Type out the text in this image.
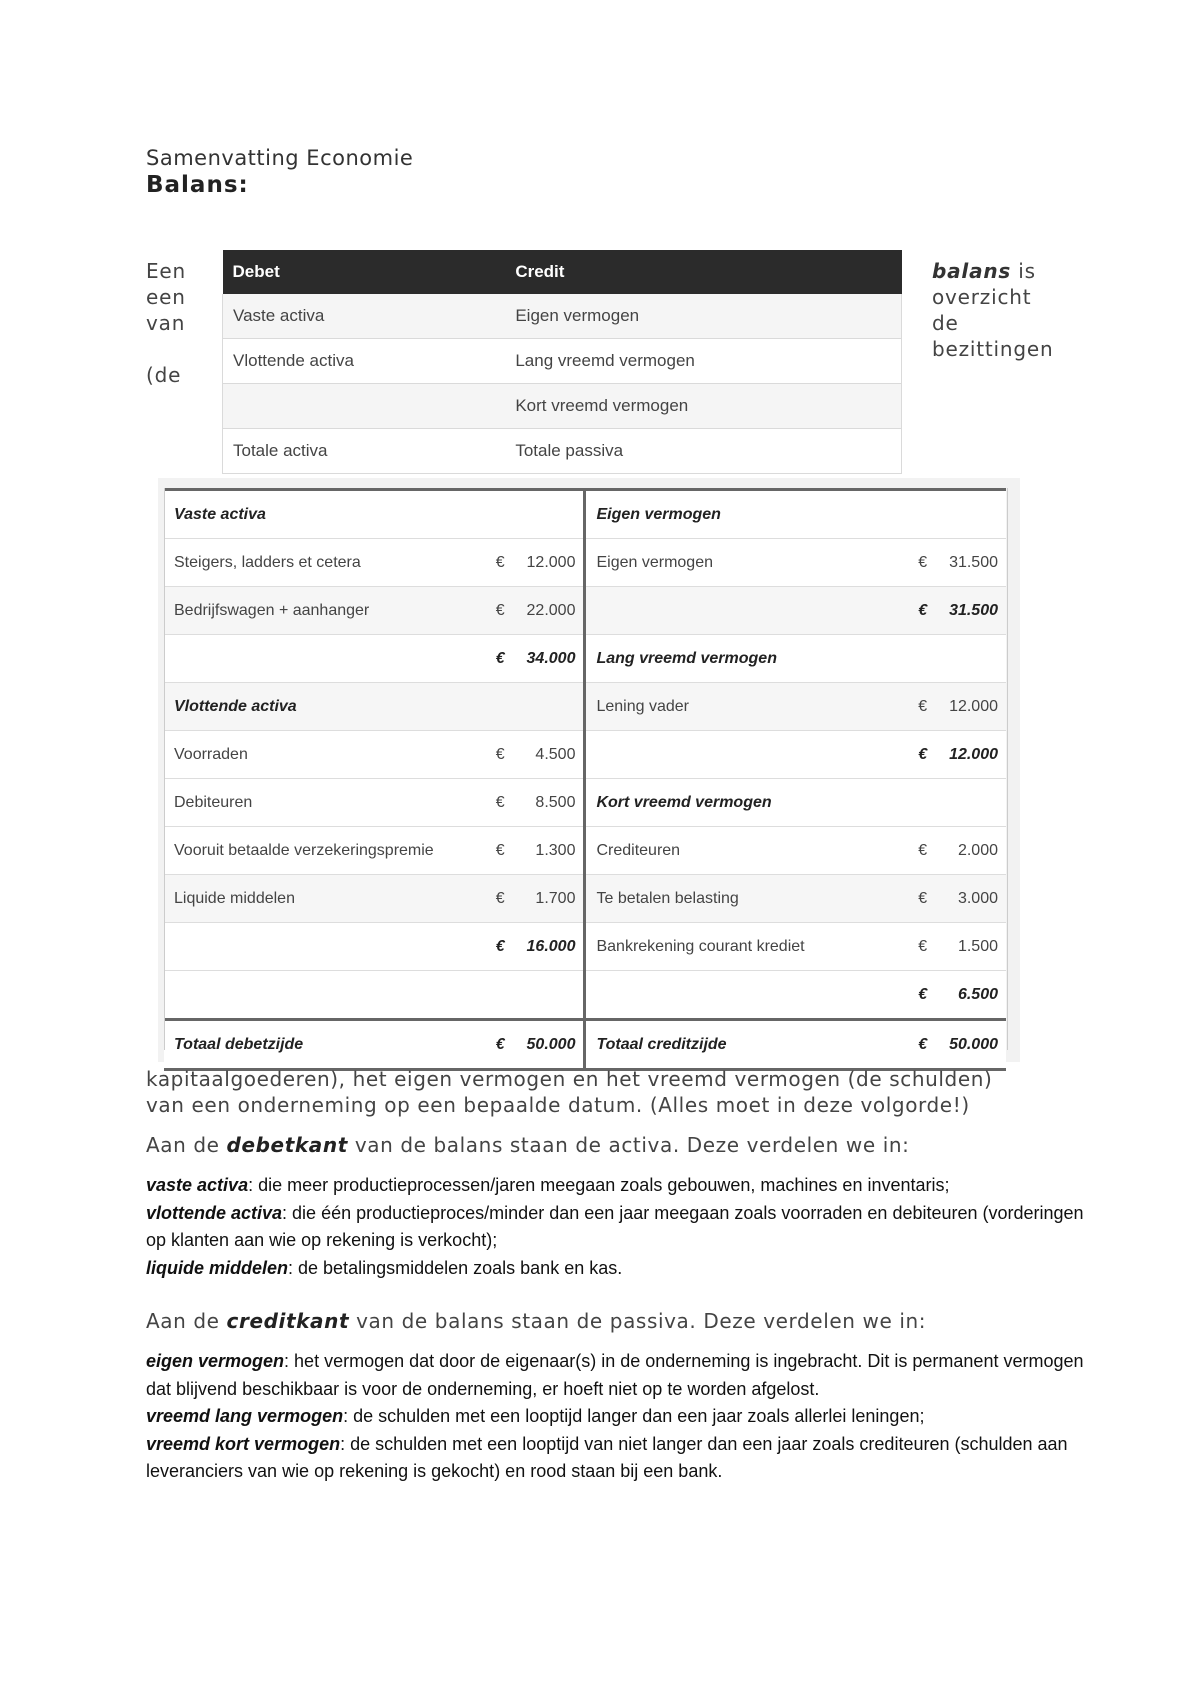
Samenvatting Economie
Balans:
Een
een
van

(de
balans is
overzicht
de
bezittingen
Debet	Credit
Vaste activa	Eigen vermogen
Vlottende activa	Lang vreemd vermogen
	Kort vreemd vermogen
Totale activa	Totale passiva
Vaste activa			Eigen vermogen		
Steigers, ladders et cetera	€	12.000	Eigen vermogen	€	31.500
Bedrijfswagen + aanhanger	€	22.000		€	31.500
	€	34.000	Lang vreemd vermogen		
Vlottende activa			Lening vader	€	12.000
Voorraden	€	4.500		€	12.000
Debiteuren	€	8.500	Kort vreemd vermogen		
Vooruit betaalde verzekeringspremie	€	1.300	Crediteuren	€	2.000
Liquide middelen	€	1.700	Te betalen belasting	€	3.000
	€	16.000	Bankrekening courant krediet	€	1.500
				€	6.500
Totaal debetzijde	€	50.000	Totaal creditzijde	€	50.000
kapitaalgoederen), het eigen vermogen en het vreemd vermogen (de schulden)
van een onderneming op een bepaalde datum. (Alles moet in deze volgorde!)
Aan de debetkant van de balans staan de activa. Deze verdelen we in:
vaste activa: die meer productieprocessen/jaren meegaan zoals gebouwen, machines en inventaris;
vlottende activa: die één productieproces/minder dan een jaar meegaan zoals voorraden en debiteuren (vorderingen op klanten aan wie op rekening is verkocht);
liquide middelen: de betalingsmiddelen zoals bank en kas.
Aan de creditkant van de balans staan de passiva. Deze verdelen we in:
eigen vermogen: het vermogen dat door de eigenaar(s) in de onderneming is ingebracht. Dit is permanent vermogen dat blijvend beschikbaar is voor de onderneming, er hoeft niet op te worden afgelost.
vreemd lang vermogen: de schulden met een looptijd langer dan een jaar zoals allerlei leningen;
vreemd kort vermogen: de schulden met een looptijd van niet langer dan een jaar zoals crediteuren (schulden aan leveranciers van wie op rekening is gekocht) en rood staan bij een bank.
